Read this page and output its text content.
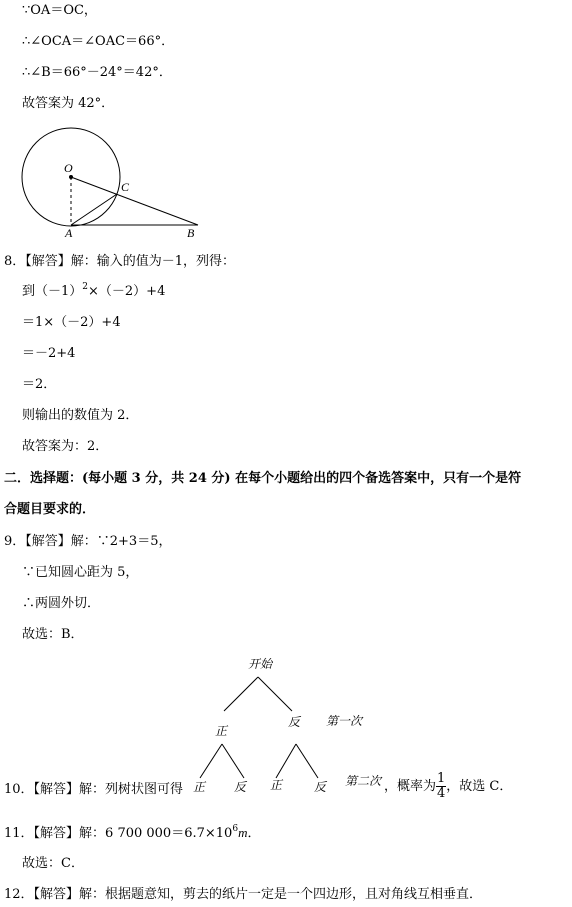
∵OA＝OC，
∴∠OCA＝∠OAC＝66°．
∴∠B＝66°－24°＝42°．
故答案为 42°．
O
C
A	B
8．【解答】解：输入的值为－1，列得：
到$(-1)^2\times(-2)+4$
＝1×（－2）+4
＝－2+4
＝2．
则输出的数值为 2．
故答案为：2．
二．选择题：(每小题 3 分，共 24 分) 在每个小题给出的四个备选答案中，只有一个是符
合题目要求的．
9．【解答】解：∵2+3＝5，
∵已知圆心距为 5，
∴两圆外切．
故选：B．
开始
正
反 第一次
10．【解答】解：列树状图可得 正 反 正	反 第二次 ，概率为 $\frac{1}{4}$ ，故选 C．
11．【解答】解：6 700 $000=6.7\times 10^6m$．
故选：C．
12．【解答】解：根据题意知，剪去的纸片一定是一个四边形，且对角线互相垂直．
